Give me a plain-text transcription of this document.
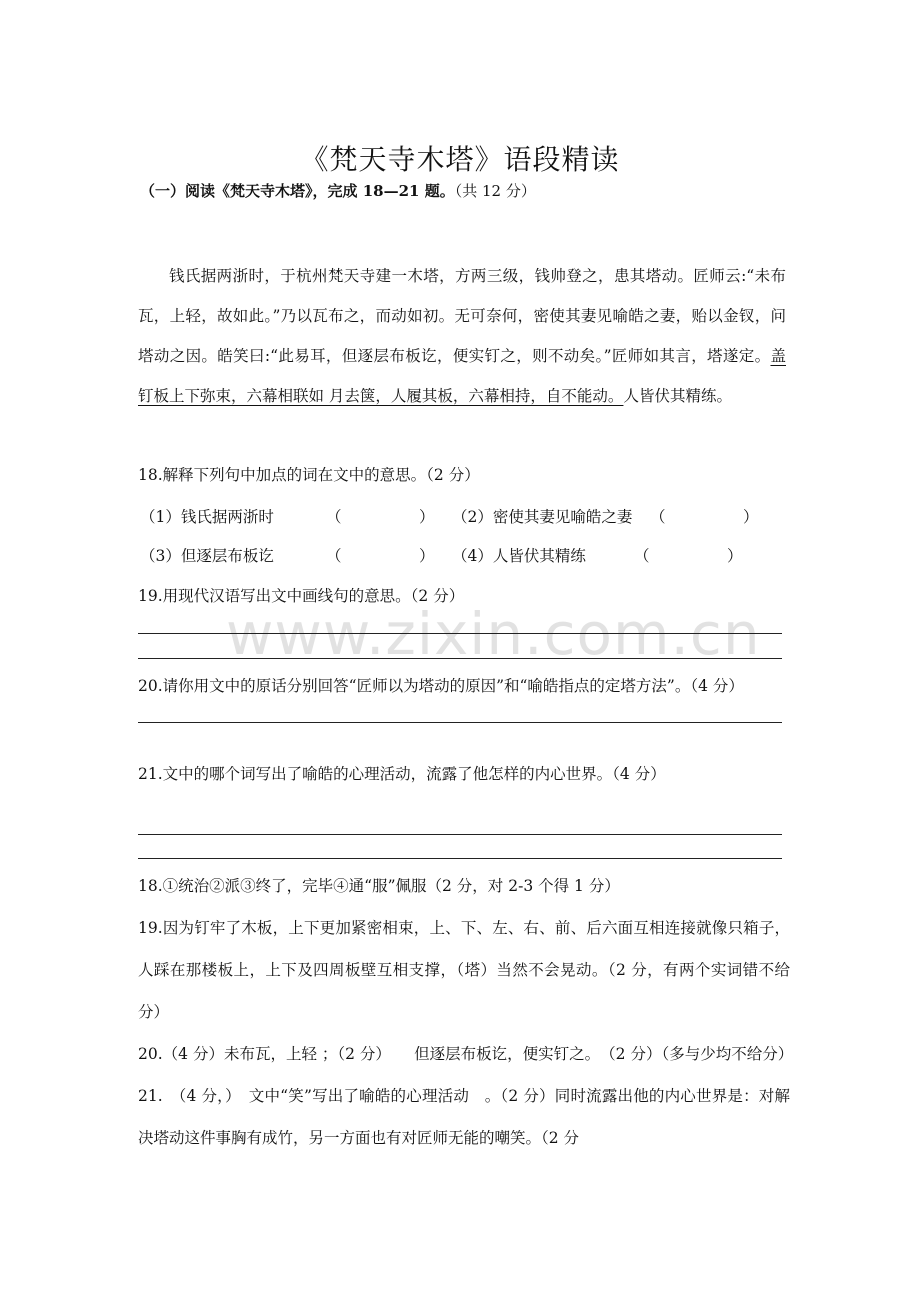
www.zixin.com.cn
《梵天寺木塔》语段精读
（一）阅读《梵天寺木塔》，完成 18—21 题。（共 12 分）

钱氏据两浙时，于杭州梵天寺建一木塔，方两三级，钱帅登之，患其塔动。匠师云:“未布瓦，上轻，故如此。”乃以瓦布之，而动如初。无可奈何，密使其妻见喻皓之妻，贻以金钗，问塔动之因。皓笑曰:“此易耳，但逐层布板讫，便实钉之，则不动矣。”匠师如其言，塔遂定。盖钉板上下弥束，六幕相联如 月去箧，人履其板，六幕相持，自不能动。人皆伏其精练。

18.解释下列句中加点的词在文中的意思。（2 分）
（1）钱氏据两浙时	（　　　　　） （2）密使其妻见喻皓之妻 （　　　　　）
（3）但逐层布板讫	（　　　　　） （4）人皆伏其精练	（　　　　　）
19.用现代汉语写出文中画线句的意思。（2 分）
20.请你用文中的原话分别回答“匠师以为塔动的原因”和“喻皓指点的定塔方法”。（4 分）
21.文中的哪个词写出了喻皓的心理活动，流露了他怎样的内心世界。（4 分）

18.①统治②派③终了，完毕④通“服”佩服（2 分，对 2-3 个得 1 分）

19.因为钉牢了木板，上下更加紧密相束，上、下、左、右、前、后六面互相连接就像只箱子，人踩在那楼板上，上下及四周板壁互相支撑，（塔）当然不会晃动。（2 分，有两个实词错不给分）

20.（4 分）未布瓦，上轻 ；（2 分）　　但逐层布板讫，便实钉之。　（2 分）（多与少均不给分）

21.　（4 分，）　文中“笑”写出了喻皓的心理活动　。（2 分）同时流露出他的内心世界是：对解决塔动这件事胸有成竹，另一方面也有对匠师无能的嘲笑。（2 分
